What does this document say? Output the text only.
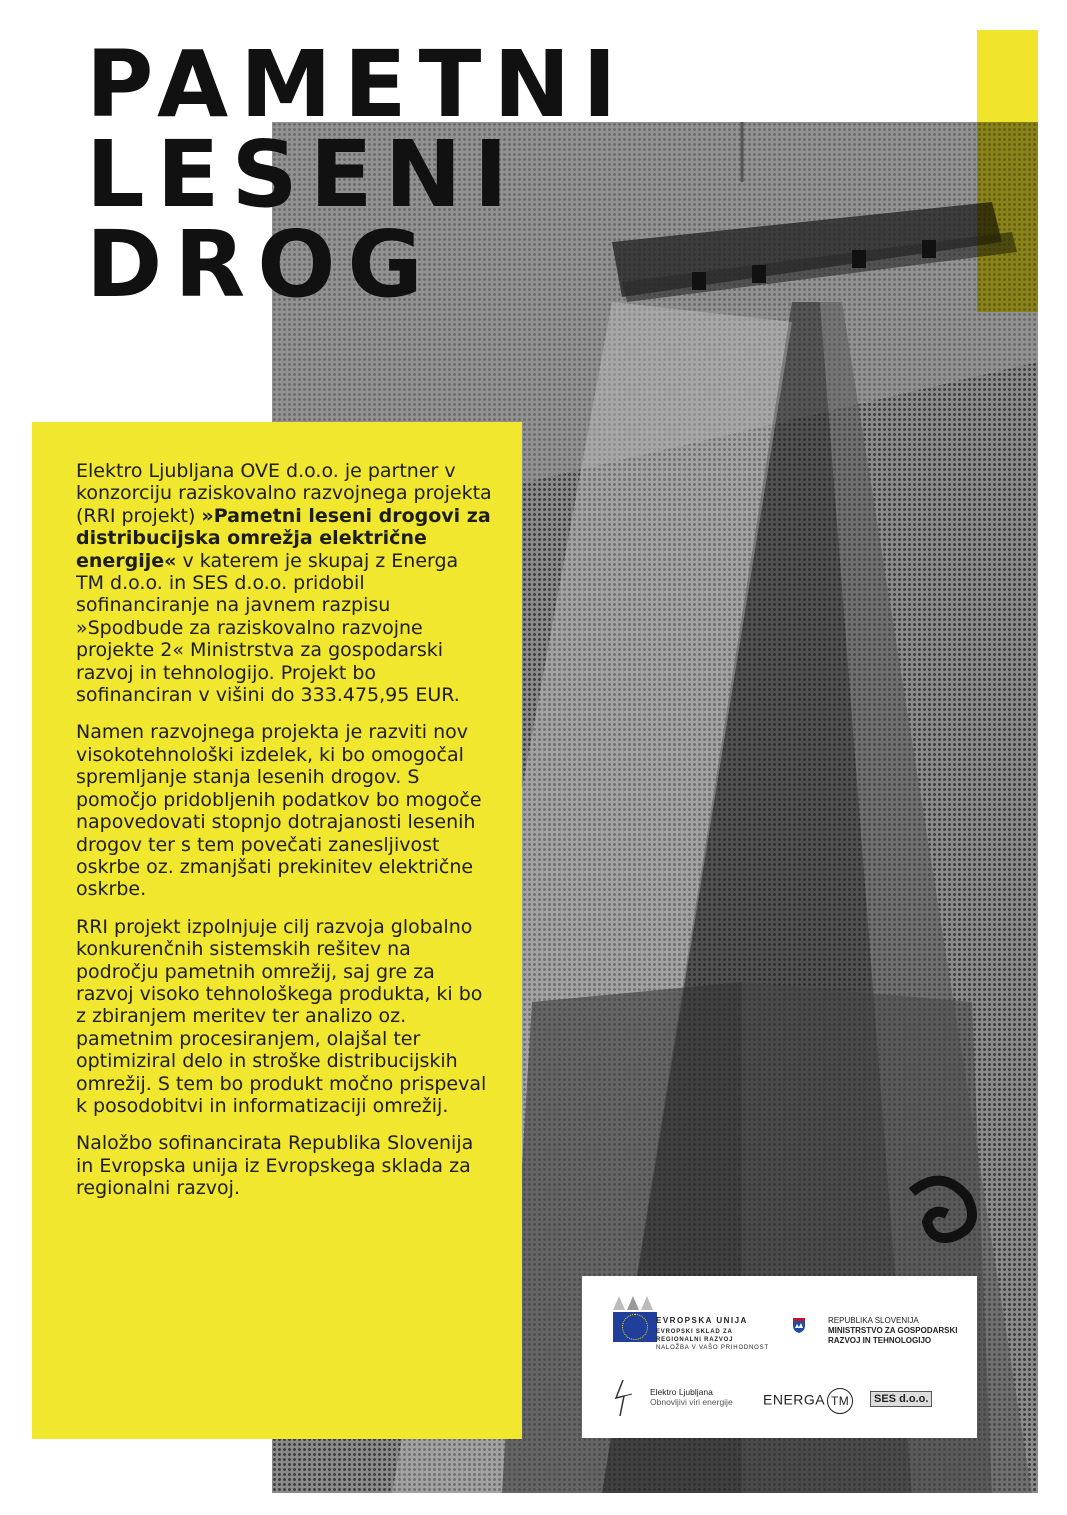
PAMETNI
LESENI
DROG

Elektro Ljubljana OVE d.o.o. je partner v konzorciju raziskovalno razvojnega projekta (RRI projekt) »Pametni leseni drogovi za distribucijska omrežja električne energije« v katerem je skupaj z Energa TM d.o.o. in SES d.o.o. pridobil sofinanciranje na javnem razpisu »Spodbude za raziskovalno razvojne projekte 2« Ministrstva za gospodarski razvoj in tehnologijo. Projekt bo sofinanciran v višini do 333.475,95 EUR.

Namen razvojnega projekta je razviti nov visokotehnološki izdelek, ki bo omogočal spremljanje stanja lesenih drogov. S pomočjo pridobljenih podatkov bo mogoče napovedovati stopnjo dotrajanosti lesenih drogov ter s tem povečati zanesljivost oskrbe oz. zmanjšati prekinitev električne oskrbe.

RRI projekt izpolnjuje cilj razvoja globalno konkurenčnih sistemskih rešitev na področju pametnih omrežij, saj gre za razvoj visoko tehnološkega produkta, ki bo z zbiranjem meritev ter analizo oz. pametnim procesiranjem, olajšal ter optimiziral delo in stroške distribucijskih omrežij. S tem bo produkt močno prispeval k posodobitvi in informatizaciji omrežij.

Naložbo sofinancirata Republika Slovenija in Evropska unija iz Evropskega sklada za regionalni razvoj.

EVROPSKA UNIJA
EVROPSKI SKLAD ZA REGIONALNI RAZVOJ
NALOŽBA V VAŠO PRIHODNOST
REPUBLIKA SLOVENIJA
MINISTRSTVO ZA GOSPODARSKI RAZVOJ IN TEHNOLOGIJO
Elektro Ljubljana
Obnovljivi viri energije ENERGA TM	SES d.o.o.
